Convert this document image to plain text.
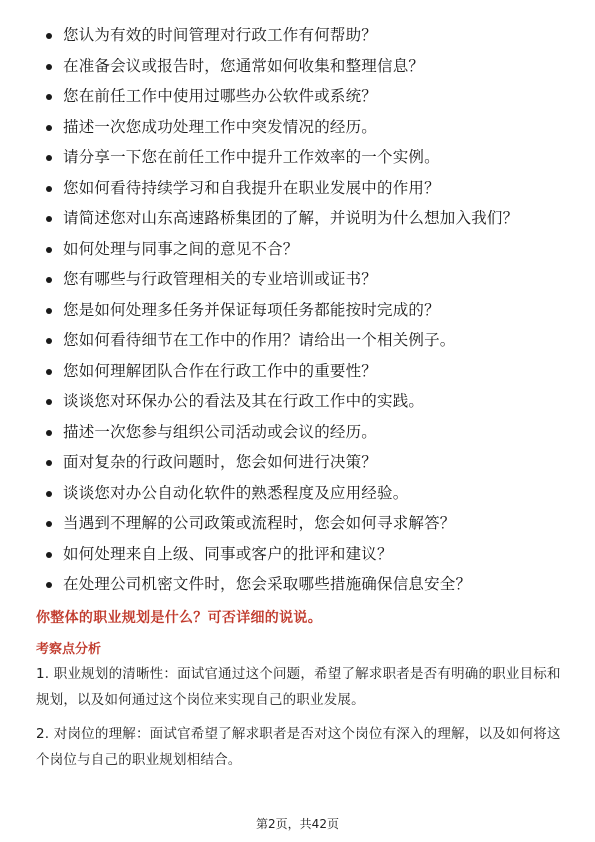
您认为有效的时间管理对行政工作有何帮助？
在准备会议或报告时，您通常如何收集和整理信息？
您在前任工作中使用过哪些办公软件或系统？
描述一次您成功处理工作中突发情况的经历。
请分享一下您在前任工作中提升工作效率的一个实例。
您如何看待持续学习和自我提升在职业发展中的作用？
请简述您对山东高速路桥集团的了解，并说明为什么想加入我们？
如何处理与同事之间的意见不合？
您有哪些与行政管理相关的专业培训或证书？
您是如何处理多任务并保证每项任务都能按时完成的？
您如何看待细节在工作中的作用？请给出一个相关例子。
您如何理解团队合作在行政工作中的重要性？
谈谈您对环保办公的看法及其在行政工作中的实践。
描述一次您参与组织公司活动或会议的经历。
面对复杂的行政问题时，您会如何进行决策？
谈谈您对办公自动化软件的熟悉程度及应用经验。
当遇到不理解的公司政策或流程时，您会如何寻求解答？
如何处理来自上级、同事或客户的批评和建议？
在处理公司机密文件时，您会采取哪些措施确保信息安全？
你整体的职业规划是什么？可否详细的说说。
考察点分析

1. 职业规划的清晰性：面试官通过这个问题，希望了解求职者是否有明确的职业目标和规划，以及如何通过这个岗位来实现自己的职业发展。

2. 对岗位的理解：面试官希望了解求职者是否对这个岗位有深入的理解，以及如何将这个岗位与自己的职业规划相结合。

第2页，共42页
